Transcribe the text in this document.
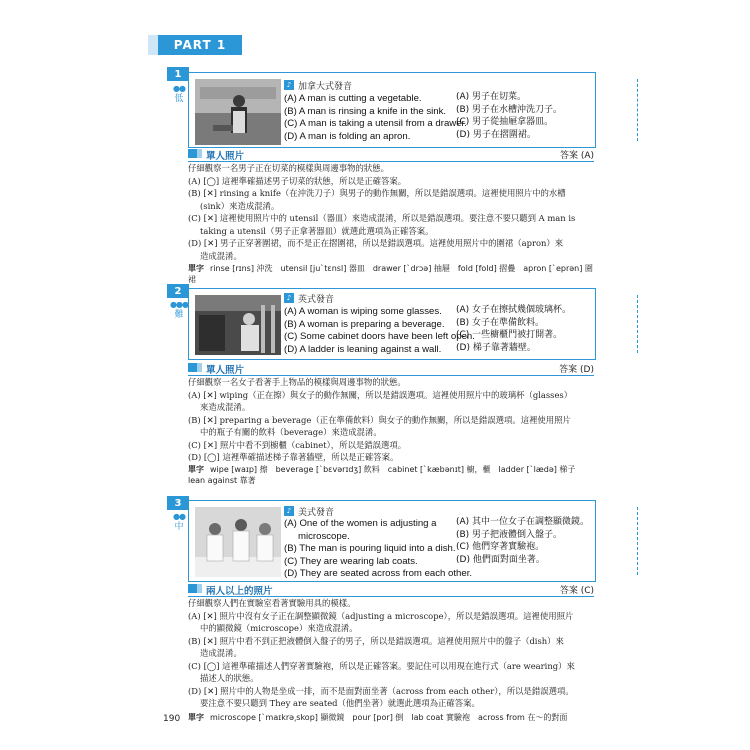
PART 1
1
●●
低
♪ 加拿大式發音
(A) A man is cutting a vegetable.
(B) A man is rinsing a knife in the sink.
(C) A man is taking a utensil from a drawer.
(D) A man is folding an apron.
(A) 男子在切菜。
(B) 男子在水槽沖洗刀子。
(C) 男子從抽屜拿器皿。
(D) 男子在摺圍裙。
單人照片	答案 (A)

仔細觀察一名男子正在切菜的模樣與周邊事物的狀態。

(A) [◯] 這裡準確描述男子切菜的狀態，所以是正確答案。

(B) [✕] rinsing a knife（在沖洗刀子）與男子的動作無關，所以是錯誤選項。這裡使用照片中的水槽

(sink）來造成混淆。

(C) [✕] 這裡使用照片中的 utensil（器皿）來造成混淆，所以是錯誤選項。要注意不要只聽到 A man is

taking a utensil（男子正拿著器皿）就選此選項為正確答案。

(D) [✕] 男子正穿著圍裙，而不是正在摺圍裙，所以是錯誤選項。這裡使用照片中的圍裙（apron）來

造成混淆。

單字 rinse [rɪns] 沖洗　utensil [ju`tɛnsl] 器皿　drawer [`drɔə] 抽屜　fold [fold] 摺疊　apron [`eprən] 圍裙
2
●●●
難
♪ 英式發音
(A) A woman is wiping some glasses.
(B) A woman is preparing a beverage.
(C) Some cabinet doors have been left open.
(D) A ladder is leaning against a wall.
(A) 女子在擦拭幾個玻璃杯。
(B) 女子在準備飲料。
(C) 一些櫥櫃門被打開著。
(D) 梯子靠著牆壁。
單人照片	答案 (D)

仔細觀察一名女子看著手上物品的模樣與周邊事物的狀態。

(A) [✕] wiping（正在擦）與女子的動作無關，所以是錯誤選項。這裡使用照片中的玻璃杯（glasses）

來造成混淆。

(B) [✕] preparing a beverage（正在準備飲料）與女子的動作無關，所以是錯誤選項。這裡使用照片

中的瓶子有關的飲料（beverage）來造成混淆。

(C) [✕] 照片中看不到櫥櫃（cabinet），所以是錯誤選項。

(D) [◯] 這裡準確描述梯子靠著牆壁，所以是正確答案。

單字 wipe [waɪp] 擦　beverage [`bɛvərɪdʒ] 飲料　cabinet [`kæbənɪt] 櫥，櫃　ladder [`lædə] 梯子　lean against 靠著
3
●●
中
♪ 美式發音
(A) One of the women is adjusting a
microscope.
(B) The man is pouring liquid into a dish.
(C) They are wearing lab coats.
(D) They are seated across from each other.
(A) 其中一位女子在調整顯微鏡。
(B) 男子把液體倒入盤子。
(C) 他們穿著實驗袍。
(D) 他們面對面坐著。
兩人以上的照片	答案 (C)

仔細觀察人們在實驗室看著實驗用具的模樣。

(A) [✕] 照片中沒有女子正在調整顯微鏡（adjusting a microscope），所以是錯誤選項。這裡使用照片

中的顯微鏡（microscope）來造成混淆。

(B) [✕] 照片中看不到正把液體倒入盤子的男子，所以是錯誤選項。這裡使用照片中的盤子（dish）來

造成混淆。

(C) [◯] 這裡準確描述人們穿著實驗袍，所以是正確答案。要記住可以用現在進行式（are wearing）來

描述人的狀態。

(D) [✕] 照片中的人物是坐成一排，而不是面對面坐著（across from each other），所以是錯誤選項。

要注意不要只聽到 They are seated（他們坐著）就選此選項為正確答案。

單字 microscope [`maɪkrə͵skop] 顯微鏡　pour [por] 倒　lab coat 實驗袍　across from 在～的對面
190
